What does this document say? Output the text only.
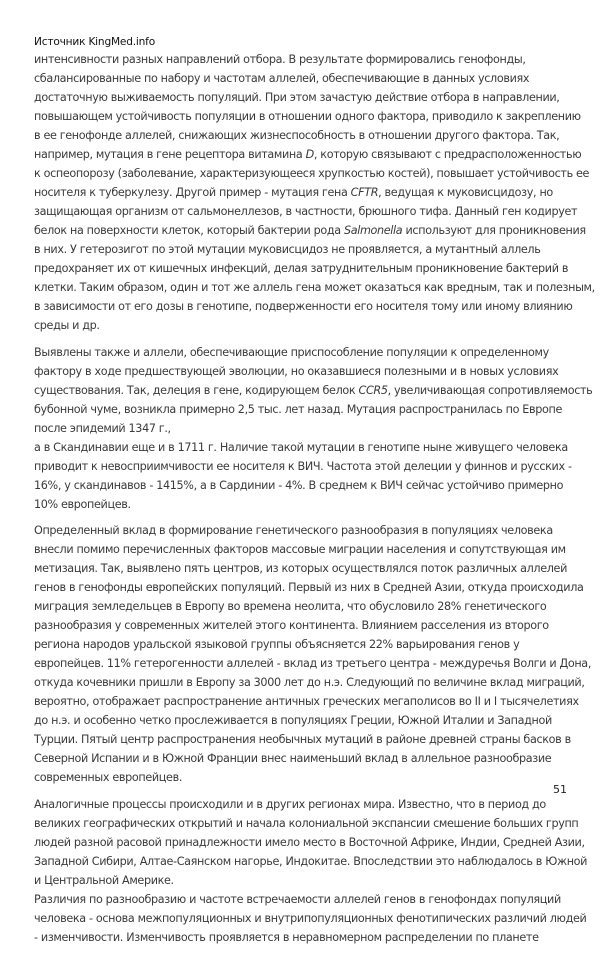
Источник KingMed.info
интенсивности разных направлений отбора. В результате формировались генофонды,
сбалансированные по набору и частотам аллелей, обеспечивающие в данных условиях
достаточную выживаемость популяций. При этом зачастую действие отбора в направлении,
повышающем устойчивость популяции в отношении одного фактора, приводило к закреплению
в ее генофонде аллелей, снижающих жизнеспособность в отношении другого фактора. Так,
например, мутация в гене рецептора витамина D, которую связывают с предрасположенностью
к оспеопорозу (заболевание, характеризующееся хрупкостью костей), повышает устойчивость ее
носителя к туберкулезу. Другой пример - мутация гена CFTR, ведущая к муковисцидозу, но
защищающая организм от сальмонеллезов, в частности, брюшного тифа. Данный ген кодирует
белок на поверхности клеток, который бактерии рода Salmonella используют для проникновения
в них. У гетерозигот по этой мутации муковисцидоз не проявляется, а мутантный аллель
предохраняет их от кишечных инфекций, делая затруднительным проникновение бактерий в
клетки. Таким образом, один и тот же аллель гена может оказаться как вредным, так и полезным,
в зависимости от его дозы в генотипе, подверженности его носителя тому или иному влиянию
среды и др.
Выявлены также и аллели, обеспечивающие приспособление популяции к определенному
фактору в ходе предшествующей эволюции, но оказавшиеся полезными и в новых условиях
существования. Так, делеция в гене, кодирующем белок CCR5, увеличивающая сопротивляемость
бубонной чуме, возникла примерно 2,5 тыс. лет назад. Мутация распространилась по Европе
после эпидемий 1347 г.,
а в Скандинавии еще и в 1711 г. Наличие такой мутации в генотипе ныне живущего человека
приводит к невосприимчивости ее носителя к ВИЧ. Частота этой делеции у финнов и русских -
16%, у скандинавов - 1415%, а в Сардинии - 4%. В среднем к ВИЧ сейчас устойчиво примерно
10% европейцев.
Определенный вклад в формирование генетического разнообразия в популяциях человека
внесли помимо перечисленных факторов массовые миграции населения и сопутствующая им
метизация. Так, выявлено пять центров, из которых осуществлялся поток различных аллелей
генов в генофонды европейских популяций. Первый из них в Средней Азии, откуда происходила
миграция земледельцев в Европу во времена неолита, что обусловило 28% генетического
разнообразия у современных жителей этого континента. Влиянием расселения из второго
региона народов уральской языковой группы объясняется 22% варьирования генов у
европейцев. 11% гетерогенности аллелей - вклад из третьего центра - междуречья Волги и Дона,
откуда кочевники пришли в Европу за 3000 лет до н.э. Следующий по величине вклад миграций,
вероятно, отображает распространение античных греческих мегаполисов во II и I тысячелетиях
до н.э. и особенно четко прослеживается в популяциях Греции, Южной Италии и Западной
Турции. Пятый центр распространения необычных мутаций в районе древней страны басков в
Северной Испании и в Южной Франции внес наименьший вклад в аллельное разнообразие
современных европейцев.
Аналогичные процессы происходили и в других регионах мира. Известно, что в период до
великих географических открытий и начала колониальной экспансии смешение больших групп
людей разной расовой принадлежности имело место в Восточной Африке, Индии, Средней Азии,
Западной Сибири, Алтае-Саянском нагорье, Индокитае. Впоследствии это наблюдалось в Южной
и Центральной Америке.
Различия по разнообразию и частоте встречаемости аллелей генов в генофондах популяций
человека - основа межпопуляционных и внутрипопуляционных фенотипических различий людей
- изменчивости. Изменчивость проявляется в неравномерном распределении по планете
51
